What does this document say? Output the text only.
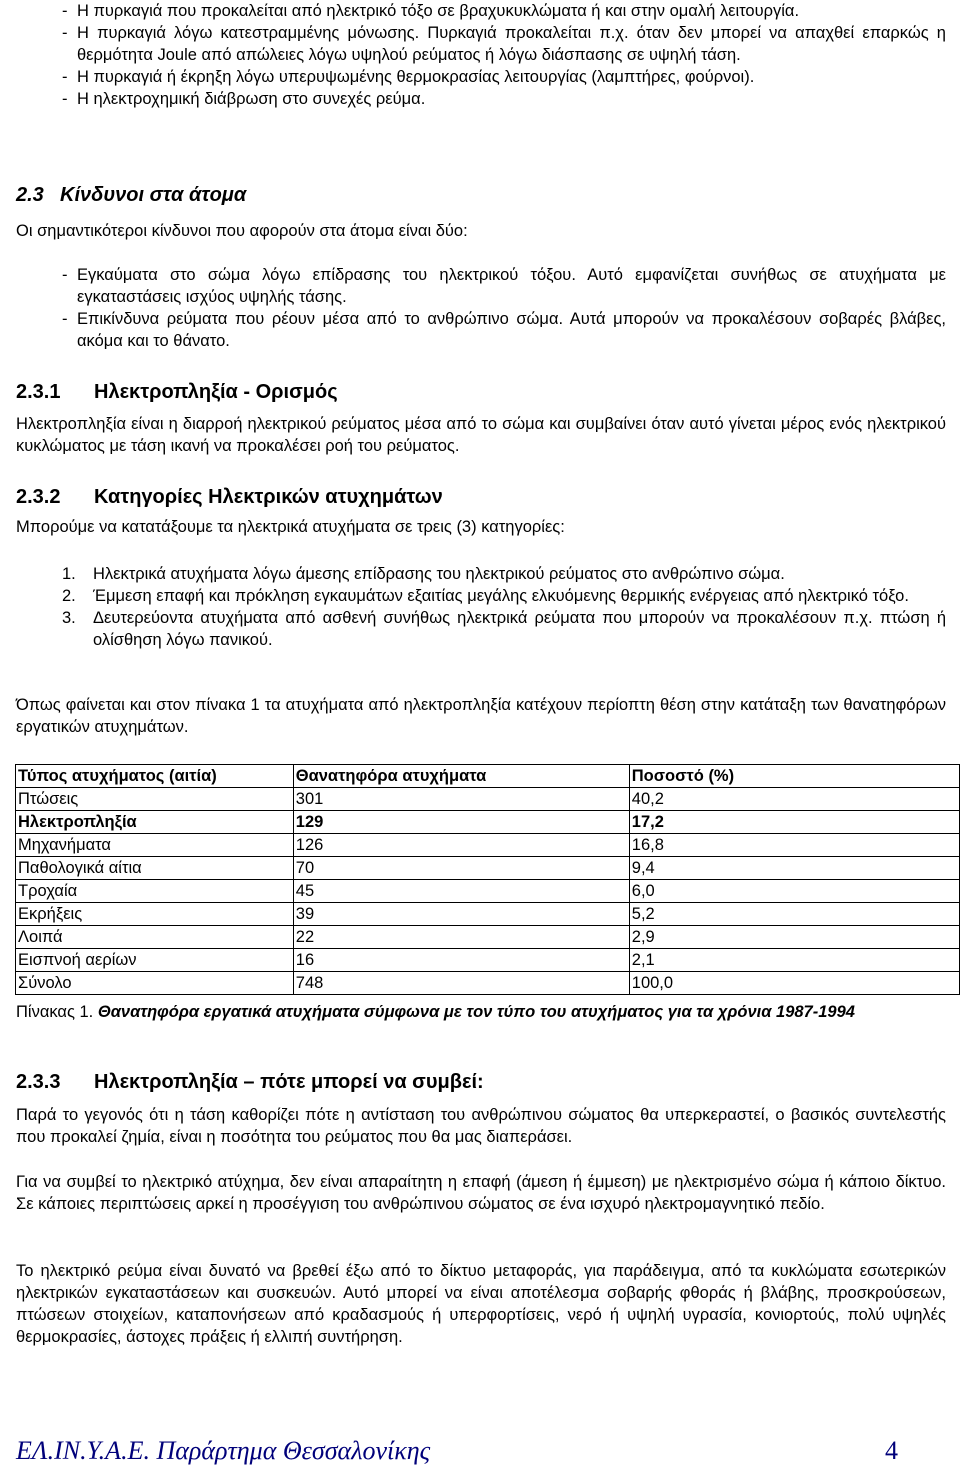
- Η πυρκαγιά που προκαλείται από ηλεκτρικό τόξο σε βραχυκυκλώματα ή και στην ομαλή λειτουργία.
- Η πυρκαγιά λόγω κατεστραμμένης μόνωσης. Πυρκαγιά προκαλείται π.χ. όταν δεν μπορεί να απαχθεί επαρκώς η θερμότητα Joule από απώλειες λόγω υψηλού ρεύματος ή λόγω διάσπασης σε υψηλή τάση.
- Η πυρκαγιά ή έκρηξη λόγω υπερυψωμένης θερμοκρασίας λειτουργίας (λαμπτήρες, φούρνοι).
- Η ηλεκτροχημική διάβρωση στο συνεχές ρεύμα.
2.3 Κίνδυνοι στα άτομα
Οι σημαντικότεροι κίνδυνοι που αφορούν στα άτομα είναι δύο:
- Εγκαύματα στο σώμα λόγω επίδρασης του ηλεκτρικού τόξου. Αυτό εμφανίζεται συνήθως σε ατυχήματα με εγκαταστάσεις ισχύος υψηλής τάσης.
- Επικίνδυνα ρεύματα που ρέουν μέσα από το ανθρώπινο σώμα. Αυτά μπορούν να προκαλέσουν σοβαρές βλάβες, ακόμα και το θάνατο.
2.3.1 Ηλεκτροπληξία - Ορισμός
Ηλεκτροπληξία είναι η διαρροή ηλεκτρικού ρεύματος μέσα από το σώμα και συμβαίνει όταν αυτό γίνεται μέρος ενός ηλεκτρικού κυκλώματος με τάση ικανή να προκαλέσει ροή του ρεύματος.
2.3.2 Κατηγορίες Ηλεκτρικών ατυχημάτων
Μπορούμε να κατατάξουμε τα ηλεκτρικά ατυχήματα σε τρεις (3) κατηγορίες:
1. Ηλεκτρικά ατυχήματα λόγω άμεσης επίδρασης του ηλεκτρικού ρεύματος στο ανθρώπινο σώμα.
2. Έμμεση επαφή και πρόκληση εγκαυμάτων εξαιτίας μεγάλης ελκυόμενης θερμικής ενέργειας από ηλεκτρικό τόξο.
3. Δευτερεύοντα ατυχήματα από ασθενή συνήθως ηλεκτρικά ρεύματα που μπορούν να προκαλέσουν π.χ. πτώση ή ολίσθηση λόγω πανικού.
Όπως φαίνεται και στον πίνακα 1 τα ατυχήματα από ηλεκτροπληξία κατέχουν περίοπτη θέση στην κατάταξη των θανατηφόρων εργατικών ατυχημάτων.
Τύπος ατυχήματος (αιτία)	Θανατηφόρα ατυχήματα	Ποσοστό (%)
Πτώσεις	301	40,2
Ηλεκτροπληξία	129	17,2
Μηχανήματα	126	16,8
Παθολογικά αίτια	70	9,4
Τροχαία	45	6,0
Εκρήξεις	39	5,2
Λοιπά	22	2,9
Εισπνοή αερίων	16	2,1
Σύνολο	748	100,0
Πίνακας 1. Θανατηφόρα εργατικά ατυχήματα σύμφωνα με τον τύπο του ατυχήματος για τα χρόνια 1987-1994
2.3.3 Ηλεκτροπληξία – πότε μπορεί να συμβεί:
Παρά το γεγονός ότι η τάση καθορίζει πότε η αντίσταση του ανθρώπινου σώματος θα υπερκεραστεί, ο βασικός συντελεστής που προκαλεί ζημία, είναι η ποσότητα του ρεύματος που θα μας διαπεράσει.
Για να συμβεί το ηλεκτρικό ατύχημα, δεν είναι απαραίτητη η επαφή (άμεση ή έμμεση) με ηλεκτρισμένο σώμα ή κάποιο δίκτυο. Σε κάποιες περιπτώσεις αρκεί η προσέγγιση του ανθρώπινου σώματος σε ένα ισχυρό ηλεκτρομαγνητικό πεδίο.
Το ηλεκτρικό ρεύμα είναι δυνατό να βρεθεί έξω από το δίκτυο μεταφοράς, για παράδειγμα, από τα κυκλώματα εσωτερικών ηλεκτρικών εγκαταστάσεων και συσκευών. Αυτό μπορεί να είναι αποτέλεσμα σοβαρής φθοράς ή βλάβης, προσκρούσεων, πτώσεων στοιχείων, καταπονήσεων από κραδασμούς ή υπερφορτίσεις, νερό ή υψηλή υγρασία, κονιορτούς, πολύ υψηλές θερμοκρασίες, άστοχες πράξεις ή ελλιπή συντήρηση.
ΕΛ.ΙΝ.Υ.Α.Ε. Παράρτημα Θεσσαλονίκης	4
